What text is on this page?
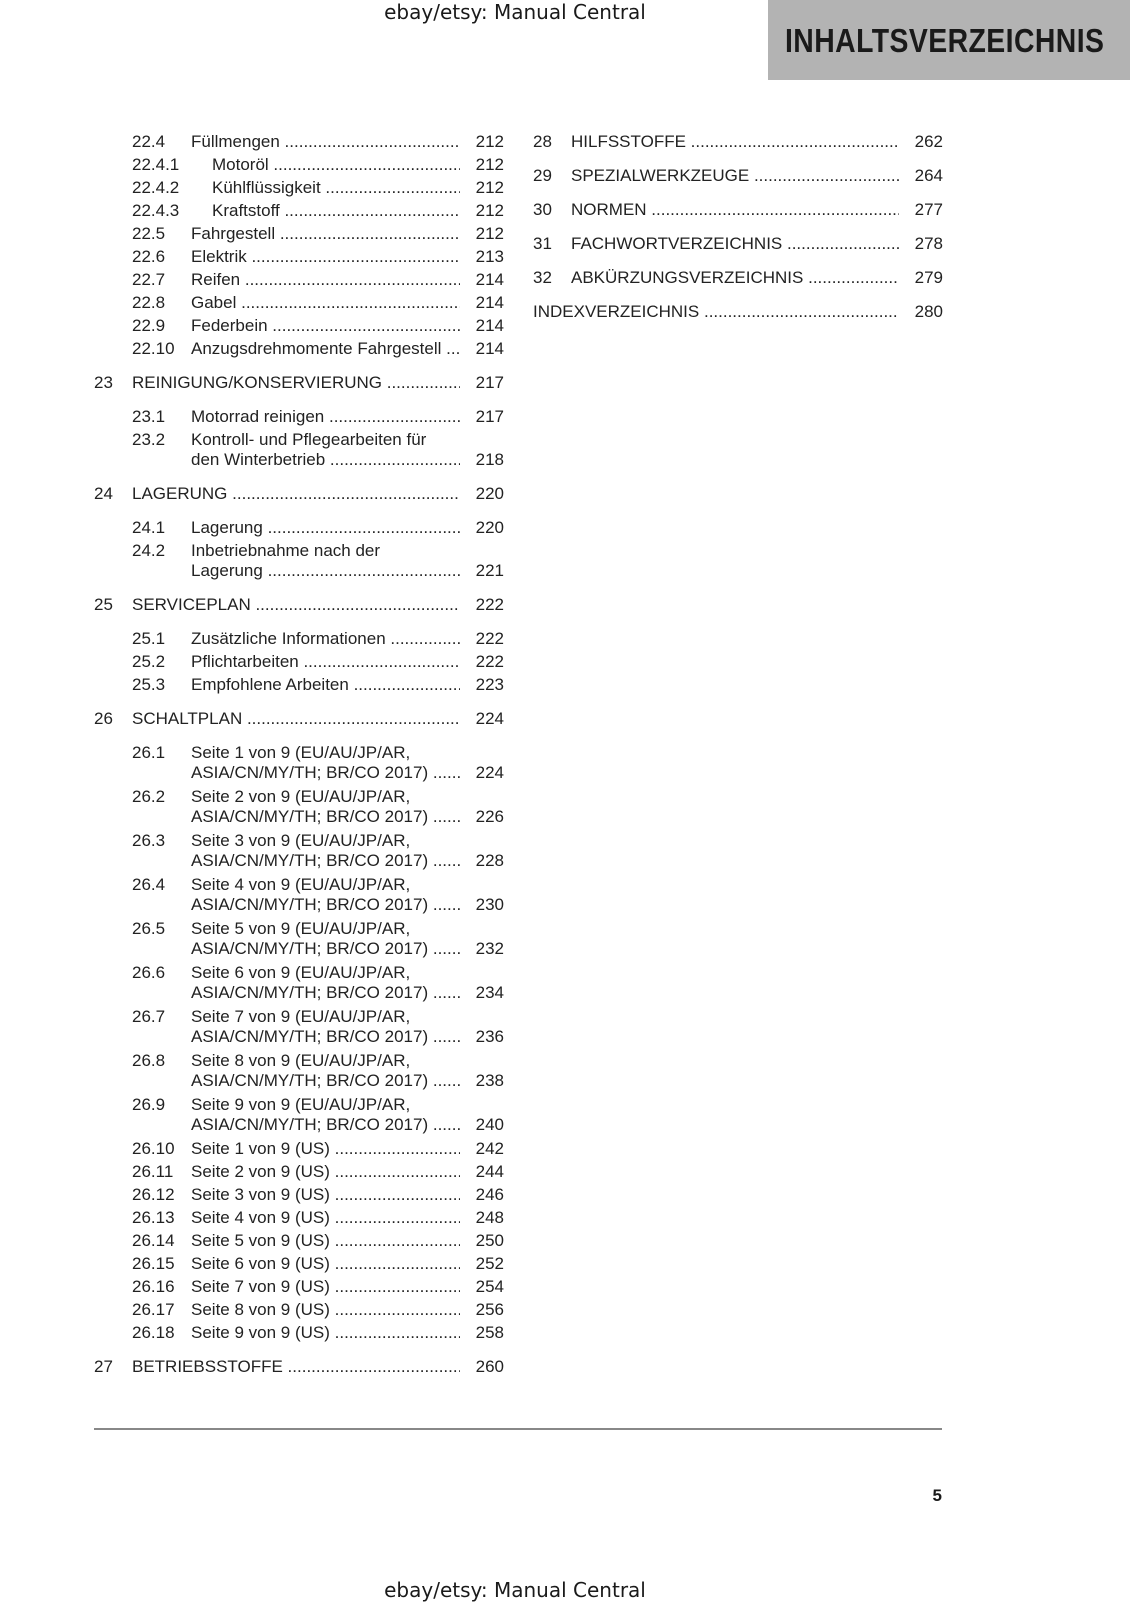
ebay/etsy: Manual Central
INHALTSVERZEICHNIS
22.4 Füllmengen .....	212
22.4.1 Motoröl .....	212
22.4.2 Kühlflüssigkeit .....	212
22.4.3 Kraftstoff .....	212
22.5 Fahrgestell .....	212
22.6 Elektrik .....	213
22.7 Reifen .....	214
22.8 Gabel .....	214
22.9 Federbein .....	214
22.10 Anzugsdrehmomente Fahrgestell .....	214
23 REINIGUNG/KONSERVIERUNG .....	217
23.1 Motorrad reinigen .....	217
23.2 Kontroll- und Pflegearbeiten für
den Winterbetrieb .....	218
24 LAGERUNG .....	220
24.1 Lagerung .....	220
24.2 Inbetriebnahme nach der
Lagerung .....	221
25 SERVICEPLAN .....	222
25.1 Zusätzliche Informationen .....	222
25.2 Pflichtarbeiten .....	222
25.3 Empfohlene Arbeiten .....	223
26 SCHALTPLAN .....	224
26.1 Seite 1 von 9 (EU/AU/JP/AR,
ASIA/CN/MY/TH; BR/CO 2017) .....	224
26.2 Seite 2 von 9 (EU/AU/JP/AR,
ASIA/CN/MY/TH; BR/CO 2017) .....	226
26.3 Seite 3 von 9 (EU/AU/JP/AR,
ASIA/CN/MY/TH; BR/CO 2017) .....	228
26.4 Seite 4 von 9 (EU/AU/JP/AR,
ASIA/CN/MY/TH; BR/CO 2017) .....	230
26.5 Seite 5 von 9 (EU/AU/JP/AR,
ASIA/CN/MY/TH; BR/CO 2017) .....	232
26.6 Seite 6 von 9 (EU/AU/JP/AR,
ASIA/CN/MY/TH; BR/CO 2017) .....	234
26.7 Seite 7 von 9 (EU/AU/JP/AR,
ASIA/CN/MY/TH; BR/CO 2017) .....	236
26.8 Seite 8 von 9 (EU/AU/JP/AR,
ASIA/CN/MY/TH; BR/CO 2017) .....	238
26.9 Seite 9 von 9 (EU/AU/JP/AR,
ASIA/CN/MY/TH; BR/CO 2017) .....	240
26.10 Seite 1 von 9 (US) .....	242
26.11 Seite 2 von 9 (US) .....	244
26.12 Seite 3 von 9 (US) .....	246
26.13 Seite 4 von 9 (US) .....	248
26.14 Seite 5 von 9 (US) .....	250
26.15 Seite 6 von 9 (US) .....	252
26.16 Seite 7 von 9 (US) .....	254
26.17 Seite 8 von 9 (US) .....	256
26.18 Seite 9 von 9 (US) .....	258
27 BETRIEBSSTOFFE .....	260
28 HILFSSTOFFE .....	262
29 SPEZIALWERKZEUGE .....	264
30 NORMEN .....	277
31 FACHWORTVERZEICHNIS .....	278
32 ABKÜRZUNGSVERZEICHNIS .....	279
INDEXVERZEICHNIS .....	280
5
ebay/etsy: Manual Central
